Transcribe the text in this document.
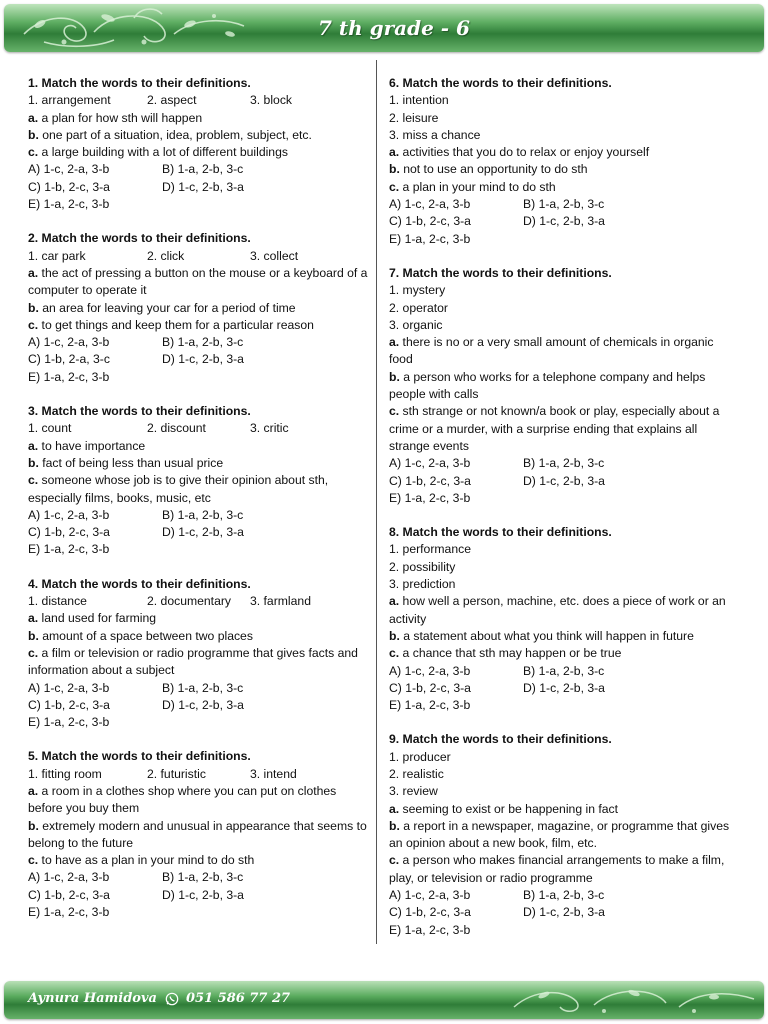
7 th grade - 6
1. Match the words to their definitions.
1. arrangement	2. aspect	3. block
a. a plan for how sth will happen
b. one part of a situation, idea, problem, subject, etc.
c. a large building with a lot of different buildings
A) 1-c, 2-a, 3-b	B) 1-a, 2-b, 3-c
C) 1-b, 2-c, 3-a	D) 1-c, 2-b, 3-a
E) 1-a, 2-c, 3-b
2. Match the words to their definitions.
1. car park	2. click	3. collect
a. the act of pressing a button on the mouse or a keyboard of a computer to operate it
b. an area for leaving your car for a period of time
c. to get things and keep them for a particular reason
A) 1-c, 2-a, 3-b	B) 1-a, 2-b, 3-c
C) 1-b, 2-a, 3-c	D) 1-c, 2-b, 3-a
E) 1-a, 2-c, 3-b
3. Match the words to their definitions.
1. count	2. discount	3. critic
a. to have importance
b. fact of being less than usual price
c. someone whose job is to give their opinion about sth, especially films, books, music, etc
A) 1-c, 2-a, 3-b	B) 1-a, 2-b, 3-c
C) 1-b, 2-c, 3-a	D) 1-c, 2-b, 3-a
E) 1-a, 2-c, 3-b
4. Match the words to their definitions.
1. distance	2. documentary 3. farmland
a. land used for farming
b. amount of a space between two places
c. a film or television or radio programme that gives facts and information about a subject
A) 1-c, 2-a, 3-b	B) 1-a, 2-b, 3-c
C) 1-b, 2-c, 3-a	D) 1-c, 2-b, 3-a
E) 1-a, 2-c, 3-b
5. Match the words to their definitions.
1. fitting room	2. futuristic	3. intend
a. a room in a clothes shop where you can put on clothes before you buy them
b. extremely modern and unusual in appearance that seems to belong to the future
c. to have as a plan in your mind to do sth
A) 1-c, 2-a, 3-b	B) 1-a, 2-b, 3-c
C) 1-b, 2-c, 3-a	D) 1-c, 2-b, 3-a
E) 1-a, 2-c, 3-b
6. Match the words to their definitions.
1. intention
2. leisure
3. miss a chance
a. activities that you do to relax or enjoy yourself
b. not to use an opportunity to do sth
c. a plan in your mind to do sth
A) 1-c, 2-a, 3-b	B) 1-a, 2-b, 3-c
C) 1-b, 2-c, 3-a	D) 1-c, 2-b, 3-a
E) 1-a, 2-c, 3-b
7. Match the words to their definitions.
1. mystery
2. operator
3. organic
a. there is no or a very small amount of chemicals in organic food
b. a person who works for a telephone company and helps people with calls
c. sth strange or not known/a book or play, especially about a crime or a murder, with a surprise ending that explains all strange events
A) 1-c, 2-a, 3-b	B) 1-a, 2-b, 3-c
C) 1-b, 2-c, 3-a	D) 1-c, 2-b, 3-a
E) 1-a, 2-c, 3-b
8. Match the words to their definitions.
1. performance
2. possibility
3. prediction
a. how well a person, machine, etc. does a piece of work or an activity
b. a statement about what you think will happen in future
c. a chance that sth may happen or be true
A) 1-c, 2-a, 3-b	B) 1-a, 2-b, 3-c
C) 1-b, 2-c, 3-a	D) 1-c, 2-b, 3-a
E) 1-a, 2-c, 3-b
9. Match the words to their definitions.
1. producer
2. realistic
3. review
a. seeming to exist or be happening in fact
b. a report in a newspaper, magazine, or programme that gives an opinion about a new book, film, etc.
c. a person who makes financial arrangements to make a film, play, or television or radio programme
A) 1-c, 2-a, 3-b	B) 1-a, 2-b, 3-c
C) 1-b, 2-c, 3-a	D) 1-c, 2-b, 3-a
E) 1-a, 2-c, 3-b
Aynura Hamidova 051 586 77 27
